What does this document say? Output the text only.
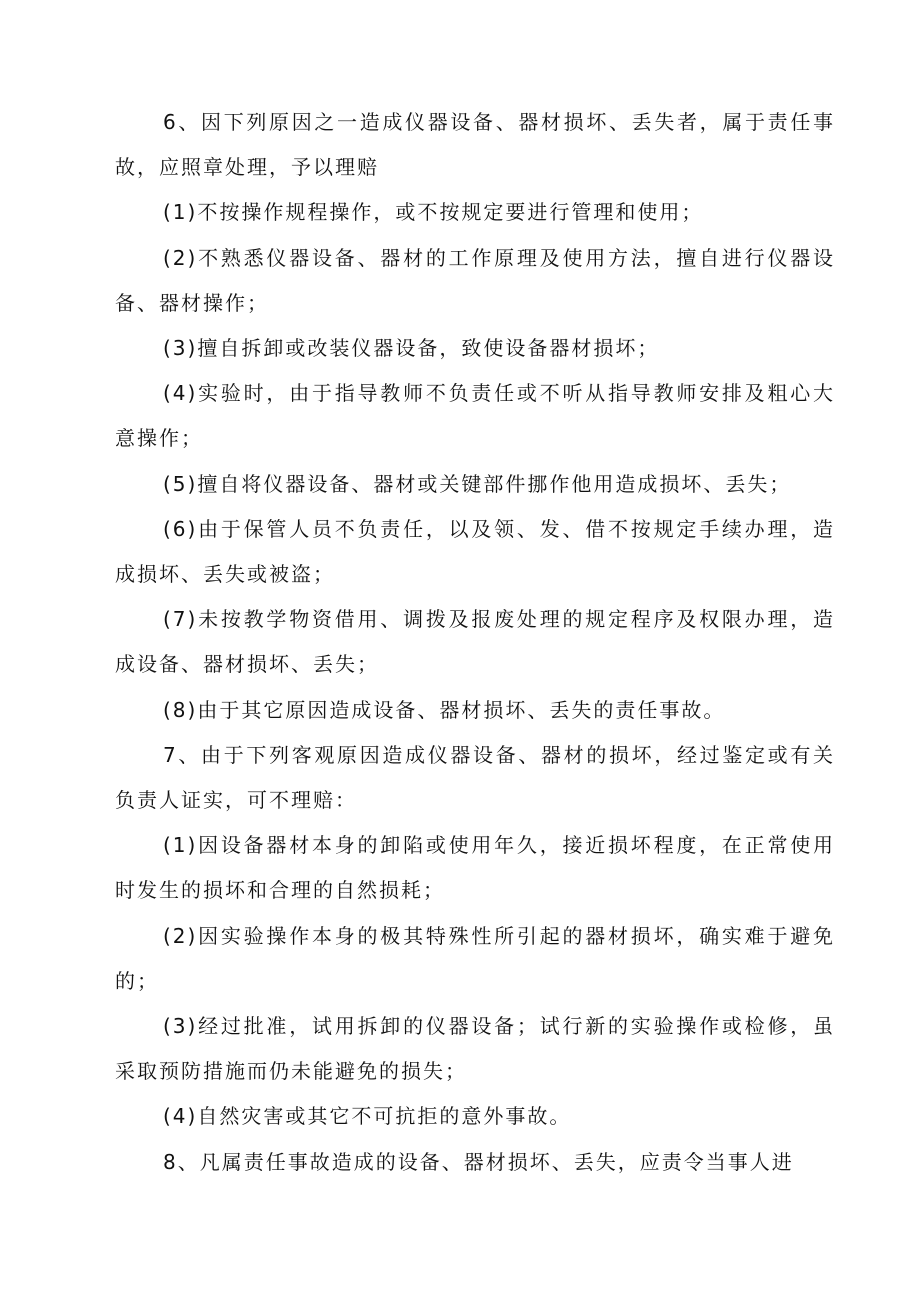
6、因下列原因之一造成仪器设备、器材损坏、丢失者，属于责任事故，应照章处理，予以理赔

(1)不按操作规程操作，或不按规定要进行管理和使用；

(2)不熟悉仪器设备、器材的工作原理及使用方法，擅自进行仪器设备、器材操作；

(3)擅自拆卸或改装仪器设备，致使设备器材损坏；

(4)实验时，由于指导教师不负责任或不听从指导教师安排及粗心大意操作；

(5)擅自将仪器设备、器材或关键部件挪作他用造成损坏、丢失；

(6)由于保管人员不负责任，以及领、发、借不按规定手续办理，造成损坏、丢失或被盗；

(7)未按教学物资借用、调拨及报废处理的规定程序及权限办理，造成设备、器材损坏、丢失；

(8)由于其它原因造成设备、器材损坏、丢失的责任事故。

7、由于下列客观原因造成仪器设备、器材的损坏，经过鉴定或有关负责人证实，可不理赔：

(1)因设备器材本身的卸陷或使用年久，接近损坏程度，在正常使用时发生的损坏和合理的自然损耗；

(2)因实验操作本身的极其特殊性所引起的器材损坏，确实难于避免的；

(3)经过批准，试用拆卸的仪器设备；试行新的实验操作或检修，虽采取预防措施而仍未能避免的损失；

(4)自然灾害或其它不可抗拒的意外事故。

8、凡属责任事故造成的设备、器材损坏、丢失，应责令当事人进
